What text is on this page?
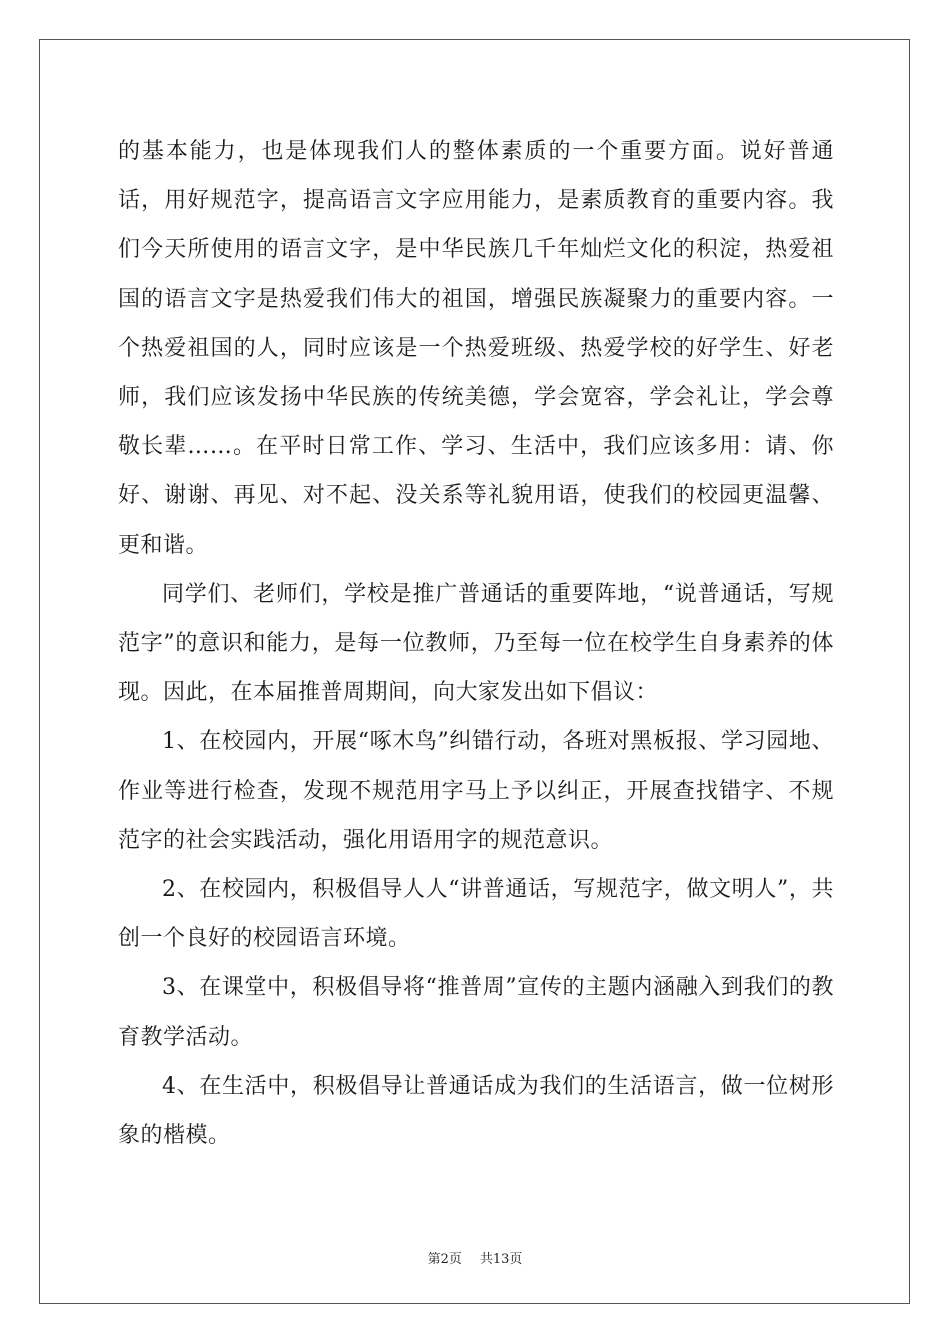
的基本能力，也是体现我们人的整体素质的一个重要方面。说好普通话，用好规范字，提高语言文字应用能力，是素质教育的重要内容。我们今天所使用的语言文字，是中华民族几千年灿烂文化的积淀，热爱祖国的语言文字是热爱我们伟大的祖国，增强民族凝聚力的重要内容。一个热爱祖国的人，同时应该是一个热爱班级、热爱学校的好学生、好老师，我们应该发扬中华民族的传统美德，学会宽容，学会礼让，学会尊敬长辈……。在平时日常工作、学习、生活中，我们应该多用：请、你好、谢谢、再见、对不起、没关系等礼貌用语，使我们的校园更温馨、更和谐。

同学们、老师们，学校是推广普通话的重要阵地，“说普通话，写规范字”的意识和能力，是每一位教师，乃至每一位在校学生自身素养的体现。因此，在本届推普周期间，向大家发出如下倡议：

1、在校园内，开展“啄木鸟”纠错行动，各班对黑板报、学习园地、作业等进行检查，发现不规范用字马上予以纠正，开展查找错字、不规范字的社会实践活动，强化用语用字的规范意识。

2、在校园内，积极倡导人人“讲普通话，写规范字，做文明人”，共创一个良好的校园语言环境。

3、在课堂中，积极倡导将“推普周”宣传的主题内涵融入到我们的教育教学活动。

4、在生活中，积极倡导让普通话成为我们的生活语言，做一位树形象的楷模。

第2页 共13页
